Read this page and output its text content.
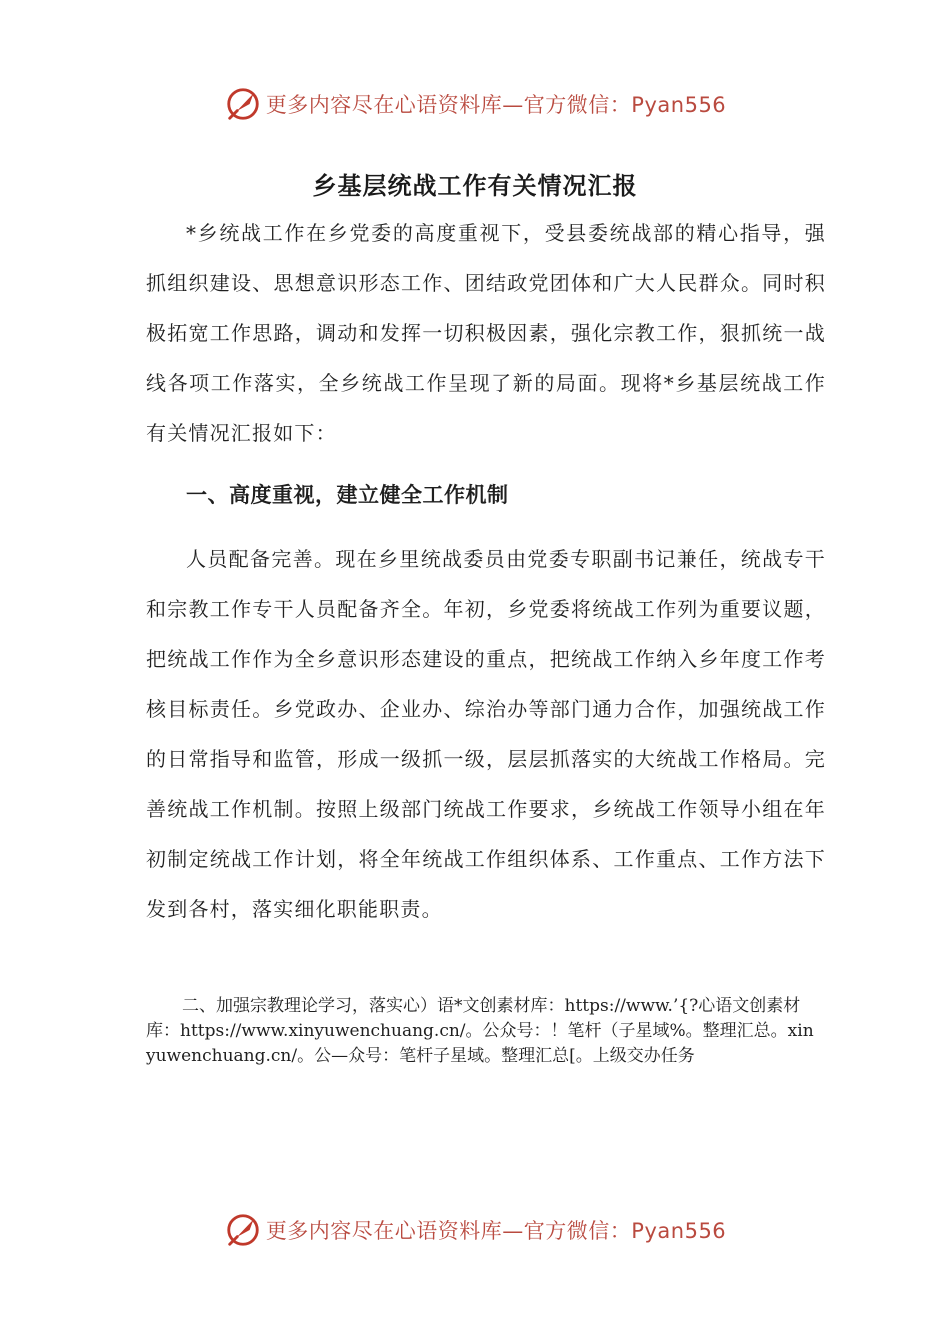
更多内容尽在心语资料库—官方微信：Pyan556
乡基层统战工作有关情况汇报

*乡统战工作在乡党委的高度重视下，受县委统战部的精心指导，强抓组织建设、思想意识形态工作、团结政党团体和广大人民群众。同时积极拓宽工作思路，调动和发挥一切积极因素，强化宗教工作，狠抓统一战线各项工作落实，全乡统战工作呈现了新的局面。现将*乡基层统战工作有关情况汇报如下：

一、高度重视，建立健全工作机制

人员配备完善。现在乡里统战委员由党委专职副书记兼任，统战专干和宗教工作专干人员配备齐全。年初，乡党委将统战工作列为重要议题，把统战工作作为全乡意识形态建设的重点，把统战工作纳入乡年度工作考核目标责任。乡党政办、企业办、综治办等部门通力合作，加强统战工作的日常指导和监管，形成一级抓一级，层层抓落实的大统战工作格局。完善统战工作机制。按照上级部门统战工作要求，乡统战工作领导小组在年初制定统战工作计划，将全年统战工作组织体系、工作重点、工作方法下发到各村，落实细化职能职责。

二、加强宗教理论学习，落实心）语*文创素材库：https://www.’{?心语文创素材库：https://www.xinyuwenchuang.cn/。公众号：！笔杆（子星域%。整理汇总。xinyuwenchuang.cn/。公—众号：笔杆子星域。整理汇总[。上级交办任务

更多内容尽在心语资料库—官方微信：Pyan556
